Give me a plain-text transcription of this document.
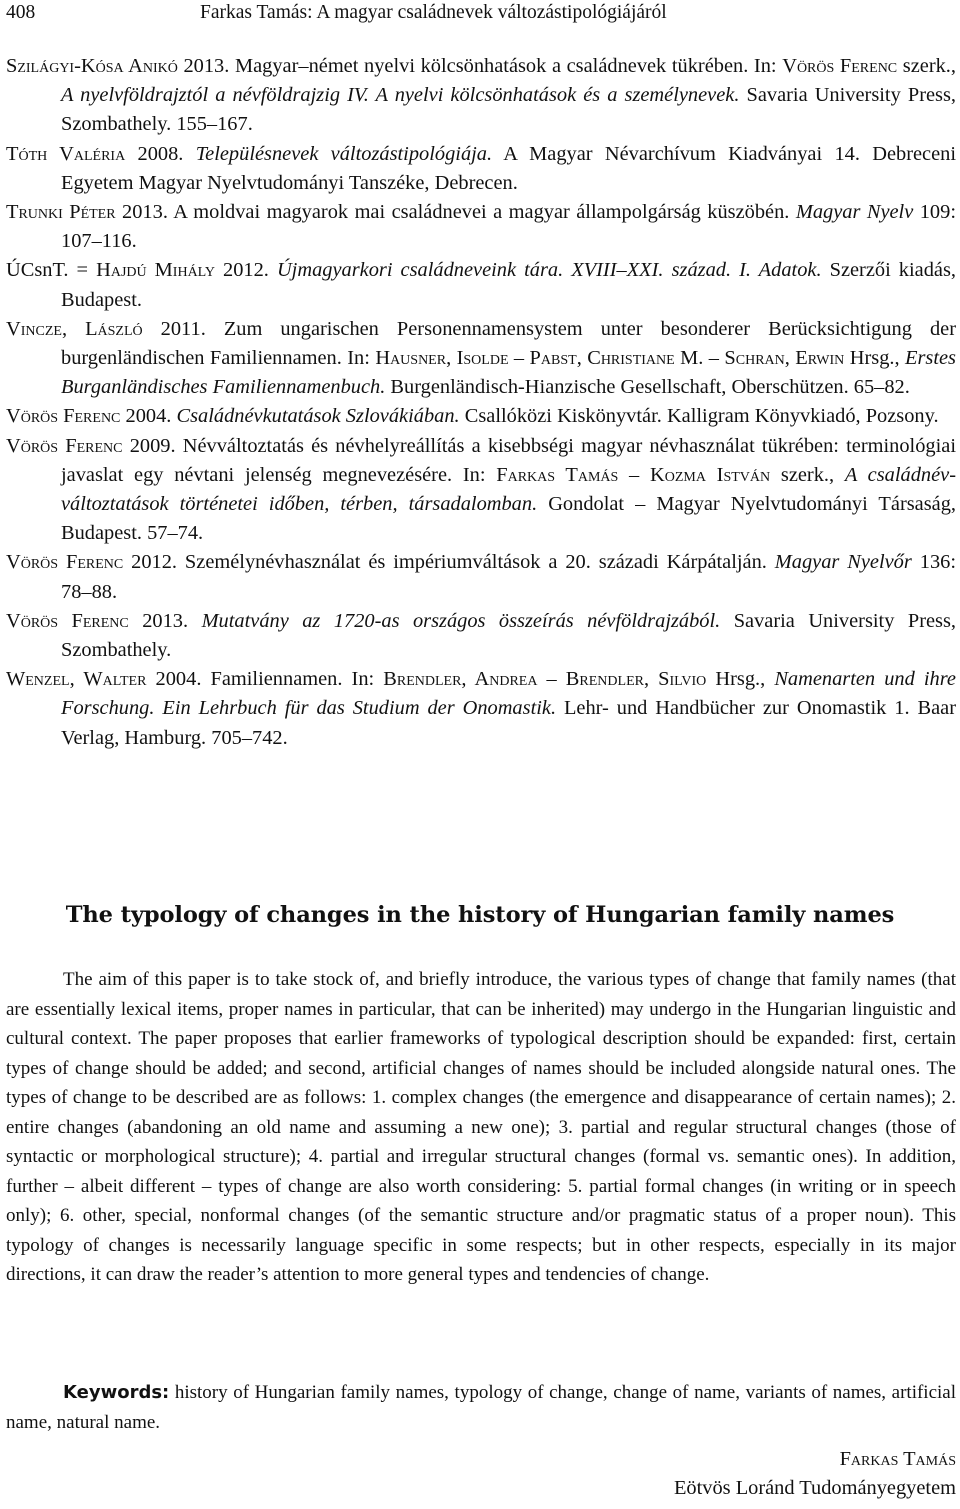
408	Farkas Tamás: A magyar családnevek változástipológiájáról
Szilágyi-Kósa Anikó 2013. Magyar–német nyelvi kölcsönhatások a családnevek tükrében. In: Vörös Ferenc szerk., A nyelvföldrajztól a névföldrajzig IV. A nyelvi kölcsönhatások és a személynevek. Savaria University Press, Szombathely. 155–167.
Tóth Valéria 2008. Településnevek változástipológiája. A Magyar Névarchívum Kiadványai 14. Debreceni Egyetem Magyar Nyelvtudományi Tanszéke, Debrecen.
Trunki Péter 2013. A moldvai magyarok mai családnevei a magyar állampolgárság küszöbén. Magyar Nyelv 109: 107–116.
ÚCsnT. = Hajdú Mihály 2012. Újmagyarkori családneveink tára. XVIII–XXI. század. I. Adatok. Szerzői kiadás, Budapest.
Vincze, László 2011. Zum ungarischen Personennamensystem unter besonderer Berücksichtigung der burgenländischen Familiennamen. In: Hausner, Isolde – Pabst, Christiane M. – Schran, Erwin Hrsg., Erstes Burganländisches Familiennamenbuch. Burgenländisch-Hianzische Gesellschaft, Oberschützen. 65–82.
Vörös Ferenc 2004. Családnévkutatások Szlovákiában. Csallóközi Kiskönyvtár. Kalligram Könyvkiadó, Pozsony.
Vörös Ferenc 2009. Névváltoztatás és névhelyreállítás a kisebbségi magyar névhasználat tükrében: terminológiai javaslat egy névtani jelenség megnevezésére. In: Farkas Tamás – Kozma István szerk., A családnév-változtatások történetei időben, térben, társadalomban. Gondolat – Magyar Nyelvtudományi Társaság, Budapest. 57–74.
Vörös Ferenc 2012. Személynévhasználat és impériumváltások a 20. századi Kárpátalján. Magyar Nyelvőr 136: 78–88.
Vörös Ferenc 2013. Mutatvány az 1720-as országos összeírás névföldrajzából. Savaria University Press, Szombathely.
Wenzel, Walter 2004. Familiennamen. In: Brendler, Andrea – Brendler, Silvio Hrsg., Namenarten und ihre Forschung. Ein Lehrbuch für das Studium der Onomastik. Lehr- und Handbücher zur Onomastik 1. Baar Verlag, Hamburg. 705–742.
The typology of changes in the history of Hungarian family names
The aim of this paper is to take stock of, and briefly introduce, the various types of change that family names (that are essentially lexical items, proper names in particular, that can be inherited) may undergo in the Hungarian linguistic and cultural context. The paper proposes that earlier frameworks of typological description should be expanded: first, certain types of change should be added; and second, artificial changes of names should be included alongside natural ones. The types of change to be described are as follows: 1. complex changes (the emergence and disappearance of certain names); 2. entire changes (abandoning an old name and assuming a new one); 3. partial and regular structural changes (those of syntactic or morphological structure); 4. partial and irregular structural changes (formal vs. semantic ones). In addition, further – albeit different – types of change are also worth considering: 5. partial formal changes (in writing or in speech only); 6. other, special, nonformal changes (of the semantic structure and/or pragmatic status of a proper noun). This typology of changes is necessarily language specific in some respects; but in other respects, especially in its major directions, it can draw the reader’s attention to more general types and tendencies of change.
Keywords: history of Hungarian family names, typology of change, change of name, variants of names, artificial name, natural name.
Farkas Tamás
Eötvös Loránd Tudományegyetem
